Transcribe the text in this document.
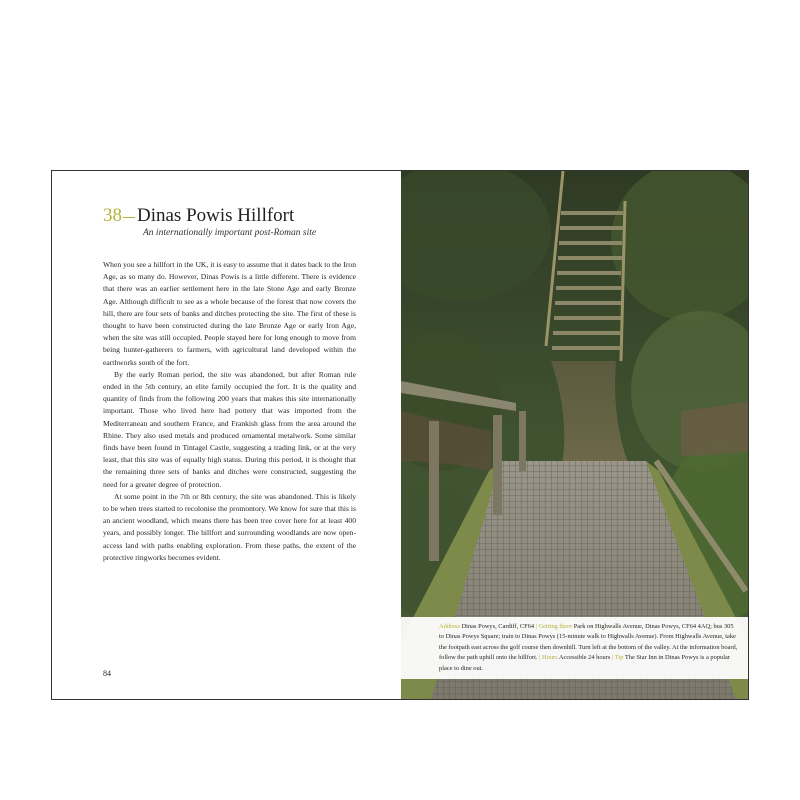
38 Dinas Powis Hillfort
An internationally important post-Roman site

When you see a hillfort in the UK, it is easy to assume that it dates back to the Iron Age, as so many do. However, Dinas Powis is a little different. There is evidence that there was an earlier settlement here in the late Stone Age and early Bronze Age. Although difficult to see as a whole because of the forest that now covers the hill, there are four sets of banks and ditches protecting the site. The first of these is thought to have been constructed during the late Bronze Age or early Iron Age, when the site was still occupied. People stayed here for long enough to move from being hunter-gatherers to farmers, with agricultural land developed within the earthworks south of the fort.

By the early Roman period, the site was abandoned, but after Roman rule ended in the 5th century, an elite family occupied the fort. It is the quality and quantity of finds from the following 200 years that makes this site internationally important. Those who lived here had pottery that was imported from the Mediterranean and southern France, and Frankish glass from the area around the Rhine. They also used metals and produced ornamental metalwork. Some similar finds have been found in Tintagel Castle, suggesting a trading link, or at the very least, that this site was of equally high status. During this period, it is thought that the remaining three sets of banks and ditches were constructed, suggesting the need for a greater degree of protection.

At some point in the 7th or 8th century, the site was abandoned. This is likely to be when trees started to recolonise the promontory. We know for sure that this is an ancient woodland, which means there has been tree cover here for at least 400 years, and possibly longer. The hillfort and surrounding woodlands are now open-access land with paths enabling exploration. From these paths, the extent of the protective ringworks becomes evident.

84
Address Dinas Powys, Cardiff, CF64 | Getting there Park on Highwalls Avenue, Dinas Powys, CF64 4AQ; bus 305 to Dinas Powys Square; train to Dinas Powys (15-minute walk to Highwalls Avenue). From Highwalls Avenue, take the footpath east across the golf course then downhill. Turn left at the bottom of the valley. At the information board, follow the path uphill onto the hillfort. | Hours Accessible 24 hours | Tip The Star Inn in Dinas Powys is a popular place to dine out.
